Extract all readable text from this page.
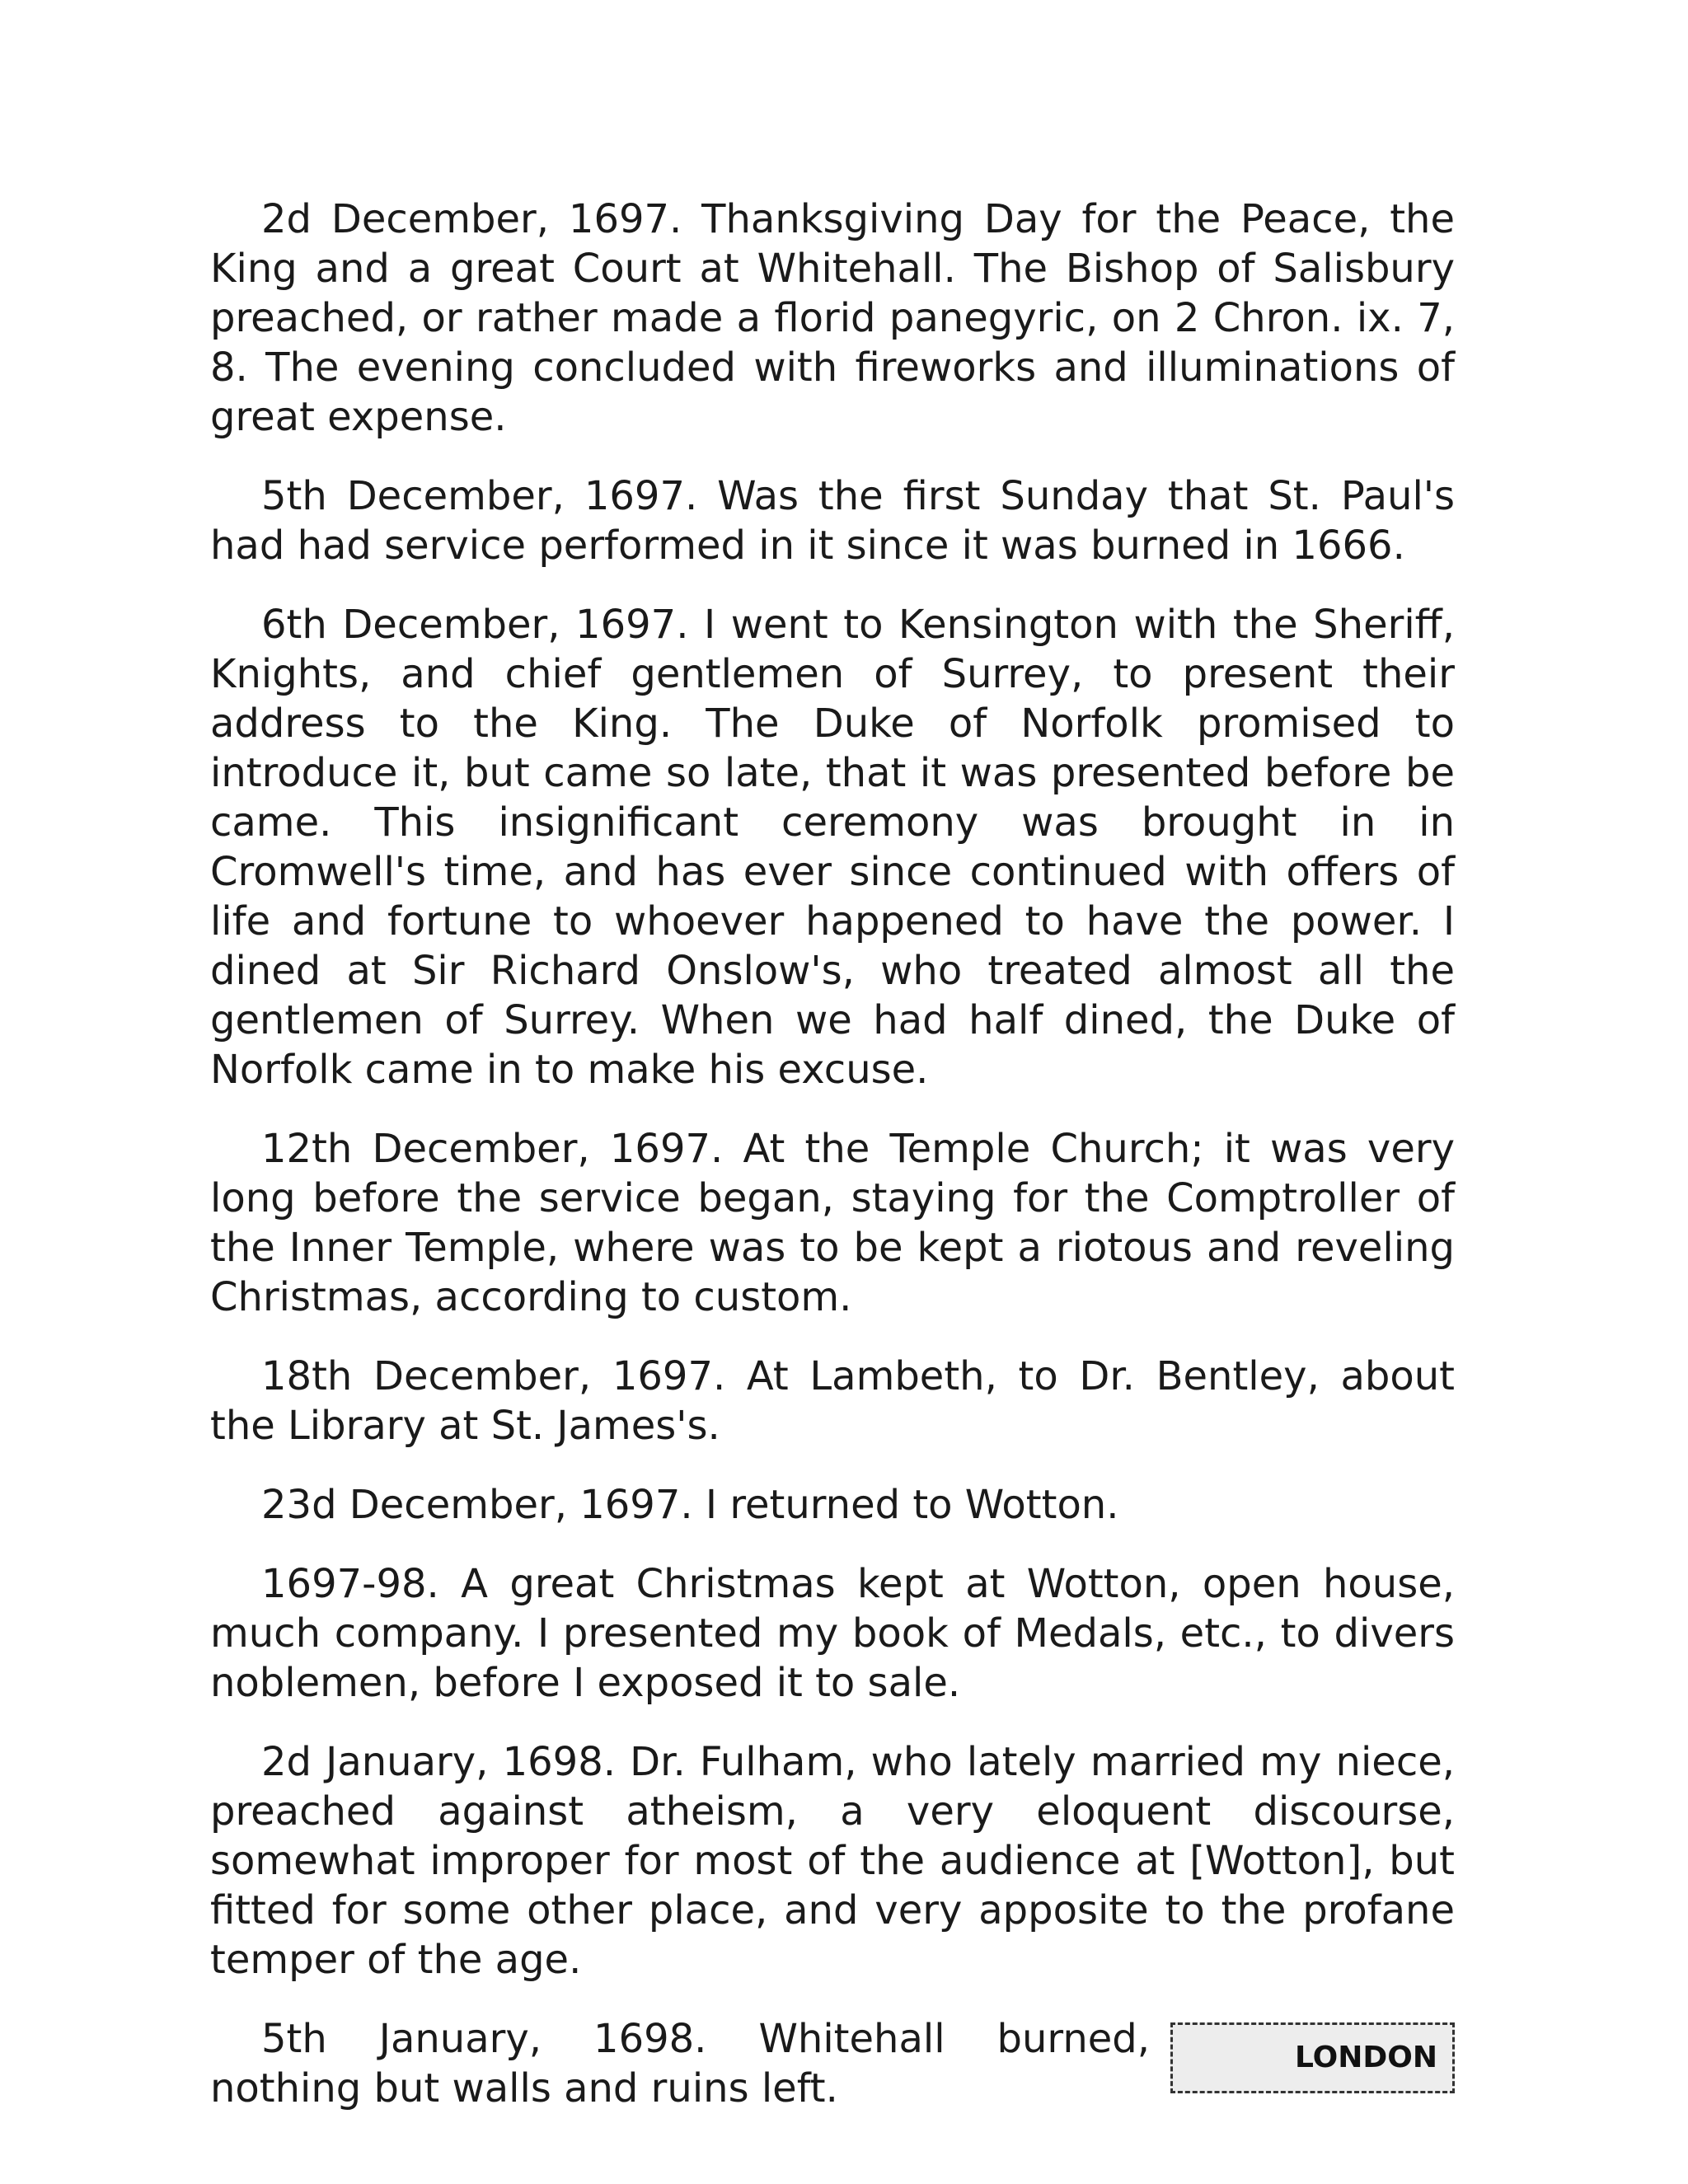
2d December, 1697. Thanksgiving Day for the Peace, the King and a great Court at Whitehall. The Bishop of Salisbury preached, or rather made a florid panegyric, on 2 Chron. ix. 7, 8. The evening concluded with fireworks and illuminations of great expense.

5th December, 1697. Was the first Sunday that St. Paul's had had service performed in it since it was burned in 1666.

6th December, 1697. I went to Kensington with the Sheriff, Knights, and chief gentlemen of Surrey, to present their address to the King. The Duke of Norfolk promised to introduce it, but came so late, that it was presented before be came. This insignificant ceremony was brought in in Cromwell's time, and has ever since continued with offers of life and fortune to whoever happened to have the power. I dined at Sir Richard Onslow's, who treated almost all the gentlemen of Surrey. When we had half dined, the Duke of Norfolk came in to make his excuse.

12th December, 1697. At the Temple Church; it was very long before the service began, staying for the Comptroller of the Inner Temple, where was to be kept a riotous and reveling Christmas, according to custom.

18th December, 1697. At Lambeth, to Dr. Bentley, about the Library at St. James's.

23d December, 1697. I returned to Wotton.

1697-98. A great Christmas kept at Wotton, open house, much company. I presented my book of Medals, etc., to divers noblemen, before I exposed it to sale.

2d January, 1698. Dr. Fulham, who lately married my niece, preached against atheism, a very eloquent discourse, somewhat improper for most of the audience at [Wotton], but fitted for some other place, and very apposite to the profane temper of the age.

5th January, 1698. Whitehall burned, nothing but walls and ruins left.

LONDON
